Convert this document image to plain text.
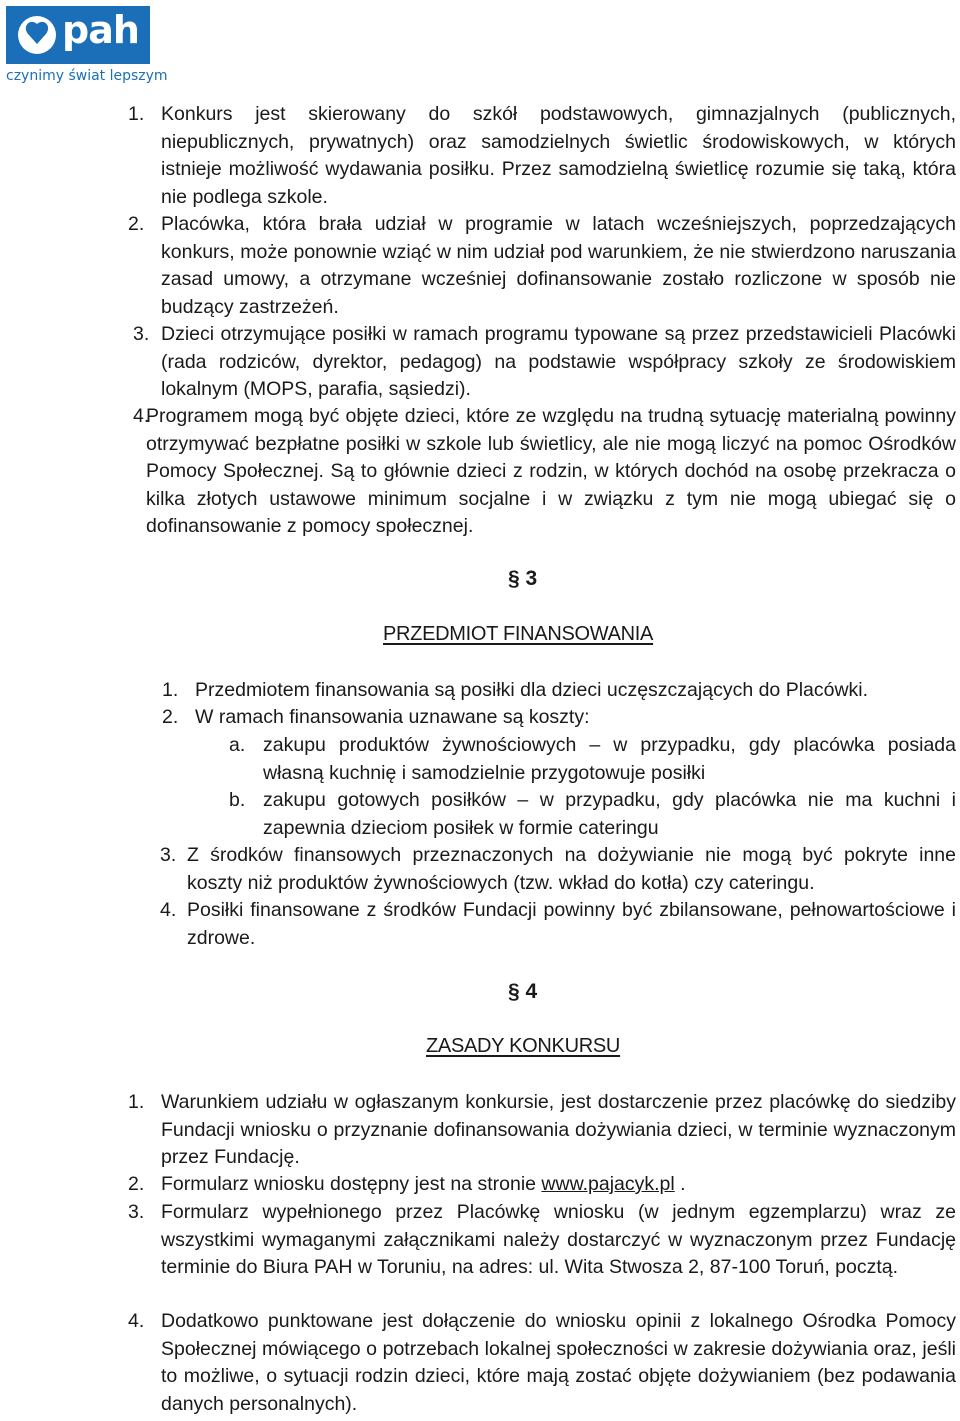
pah
czynimy świat lepszym
1. Konkurs jest skierowany do szkół podstawowych, gimnazjalnych (publicznych, niepublicznych, prywatnych) oraz samodzielnych świetlic środowiskowych, w których istnieje możliwość wydawania posiłku. Przez samodzielną świetlicę rozumie się taką, która nie podlega szkole.

2. Placówka, która brała udział w programie w latach wcześniejszych, poprzedzających konkurs, może ponownie wziąć w nim udział pod warunkiem, że nie stwierdzono naruszania zasad umowy, a otrzymane wcześniej dofinansowanie zostało rozliczone w sposób nie budzący zastrzeżeń.

3. Dzieci otrzymujące posiłki w ramach programu typowane są przez przedstawicieli Placówki (rada rodziców, dyrektor, pedagog) na podstawie współpracy szkoły ze środowiskiem lokalnym (MOPS, parafia, sąsiedzi).

4.

Programem mogą być objęte dzieci, które ze względu na trudną sytuację materialną powinny otrzymywać bezpłatne posiłki w szkole lub świetlicy, ale nie mogą liczyć na pomoc Ośrodków Pomocy Społecznej. Są to głównie dzieci z rodzin, w których dochód na osobę przekracza o kilka złotych ustawowe minimum socjalne i w związku z tym nie mogą ubiegać się o dofinansowanie z pomocy społecznej.

§ 3
PRZEDMIOT FINANSOWANIA
1. Przedmiotem finansowania są posiłki dla dzieci uczęszczających do Placówki.

2. W ramach finansowania uznawane są koszty:

a. zakupu produktów żywnościowych – w przypadku, gdy placówka posiada własną kuchnię i samodzielnie przygotowuje posiłki

b. zakupu gotowych posiłków – w przypadku, gdy placówka nie ma kuchni i zapewnia dzieciom posiłek w formie cateringu

3. Z środków finansowych przeznaczonych na dożywianie nie mogą być pokryte inne koszty niż produktów żywnościowych (tzw. wkład do kotła) czy cateringu.

4. Posiłki finansowane z środków Fundacji powinny być zbilansowane, pełnowartościowe i zdrowe.

§ 4
ZASADY KONKURSU
1. Warunkiem udziału w ogłaszanym konkursie, jest dostarczenie przez placówkę do siedziby Fundacji wniosku o przyznanie dofinansowania dożywiania dzieci, w terminie wyznaczonym przez Fundację.

2. Formularz wniosku dostępny jest na stronie www.pajacyk.pl .

3. Formularz wypełnionego przez Placówkę wniosku (w jednym egzemplarzu) wraz ze wszystkimi wymaganymi załącznikami należy dostarczyć w wyznaczonym przez Fundację terminie do Biura PAH w Toruniu, na adres: ul. Wita Stwosza 2, 87-100 Toruń, pocztą.

4. Dodatkowo punktowane jest dołączenie do wniosku opinii z lokalnego Ośrodka Pomocy Społecznej mówiącego o potrzebach lokalnej społeczności w zakresie dożywiania oraz, jeśli to możliwe, o sytuacji rodzin dzieci, które mają zostać objęte dożywianiem (bez podawania danych personalnych).
